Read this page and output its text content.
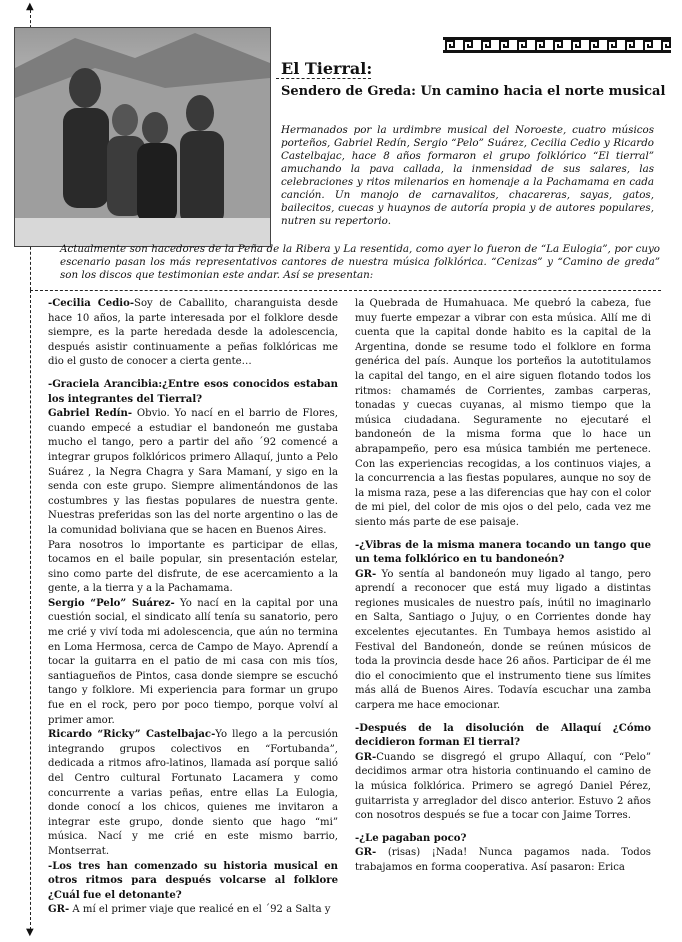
▲
▼
El Tierral:
Sendero de Greda: Un camino hacia el norte musical
Hermanados por la urdimbre musical del Noroeste, cuatro músicos porteños, Gabriel Redín, Sergio “Pelo” Suárez, Cecilia Cedio y Ricardo Castelbajac, hace 8 años formaron el grupo folklórico “El tierral” amuchando la pava callada, la inmensidad de sus salares, las celebraciones y ritos milenarios en homenaje a la Pachamama en cada canción. Un manojo de carnavalitos, chacareras, sayas, gatos, bailecitos, cuecas y huaynos de autoría propia y de autores populares, nutren su repertorio.
Actualmente son hacedores de la Peña de la Ribera y La resentida, como ayer lo fueron de “La Eulogia”, por cuyo escenario pasan los más representativos cantores de nuestra música folklórica. “Cenizas” y “Camino de greda” son los discos que testimonian este andar. Así se presentan:

-Cecilia Cedio-Soy de Caballito, charanguista desde hace 10 años, la parte interesada por el folklore desde siempre, es la parte heredada desde la adolescencia, después asistir continuamente a peñas folklóricas me dio el gusto de conocer a cierta gente…

-Graciela Arancibia:¿Entre esos conocidos estaban los integrantes del Tierral?

Gabriel Redín- Obvio. Yo nací en el barrio de Flores, cuando empecé a estudiar el bandoneón me gustaba mucho el tango, pero a partir del año ´92 comencé a integrar grupos folklóricos primero Allaquí, junto a Pelo Suárez , la Negra Chagra y Sara Mamaní, y sigo en la senda con este grupo. Siempre alimentándonos de las costumbres y las fiestas populares de nuestra gente. Nuestras preferidas son las del norte argentino o las de la comunidad boliviana que se hacen en Buenos Aires.

Para nosotros lo importante es participar de ellas, tocamos en el baile popular, sin presentación estelar, sino como parte del disfrute, de ese acercamiento a la gente, a la tierra y a la Pachamama.

Sergio “Pelo” Suárez- Yo nací en la capital por una cuestión social, el sindicato allí tenía su sanatorio, pero me crié y viví toda mi adolescencia, que aún no termina en Loma Hermosa, cerca de Campo de Mayo. Aprendí a tocar la guitarra en el patio de mi casa con mis tíos, santiagueños de Pintos, casa donde siempre se escuchó tango y folklore. Mi experiencia para formar un grupo fue en el rock, pero por poco tiempo, porque volví al primer amor.

Ricardo “Ricky” Castelbajac-Yo llego a la percusión integrando grupos colectivos en “Fortubanda”, dedicada a ritmos afro-latinos, llamada así porque salió del Centro cultural Fortunato Lacamera y como concurrente a varias peñas, entre ellas La Eulogia, donde conocí a los chicos, quienes me invitaron a integrar este grupo, donde siento que hago “mi” música. Nací y me crié en este mismo barrio, Montserrat.

-Los tres han comenzado su historia musical en otros ritmos para después volcarse al folklore ¿Cuál fue el detonante?

GR- A mí el primer viaje que realicé en el ´92 a Salta y

la Quebrada de Humahuaca. Me quebró la cabeza, fue muy fuerte empezar a vibrar con esta música. Allí me di cuenta que la capital donde habito es la capital de la Argentina, donde se resume todo el folklore en forma genérica del país. Aunque los porteños la autotitulamos la capital del tango, en el aire siguen flotando todos los ritmos: chamamés de Corrientes, zambas carperas, tonadas y cuecas cuyanas, al mismo tiempo que la música ciudadana. Seguramente no ejecutaré el bandoneón de la misma forma que lo hace un abrapampeño, pero esa música también me pertenece. Con las experiencias recogidas, a los continuos viajes, a la concurrencia a las fiestas populares, aunque no soy de la misma raza, pese a las diferencias que hay con el color de mi piel, del color de mis ojos o del pelo, cada vez me siento más parte de ese paisaje.

-¿Vibras de la misma manera tocando un tango que un tema folklórico en tu bandoneón?

GR- Yo sentía al bandoneón muy ligado al tango, pero aprendí a reconocer que está muy ligado a distintas regiones musicales de nuestro país, inútil no imaginarlo en Salta, Santiago o Jujuy, o en Corrientes donde hay excelentes ejecutantes. En Tumbaya hemos asistido al Festival del Bandoneón, donde se reúnen músicos de toda la provincia desde hace 26 años. Participar de él me dio el conocimiento que el instrumento tiene sus límites más allá de Buenos Aires. Todavía escuchar una zamba carpera me hace emocionar.

-Después de la disolución de Allaquí ¿Cómo decidieron forman El tierral?

GR-Cuando se disgregó el grupo Allaquí, con “Pelo” decidimos armar otra historia continuando el camino de la música folklórica. Primero se agregó Daniel Pérez, guitarrista y arreglador del disco anterior. Estuvo 2 años con nosotros después se fue a tocar con Jaime Torres.

-¿Le pagaban poco?

GR- (risas) ¡Nada! Nunca pagamos nada. Todos trabajamos en forma cooperativa. Así pasaron: Erica
